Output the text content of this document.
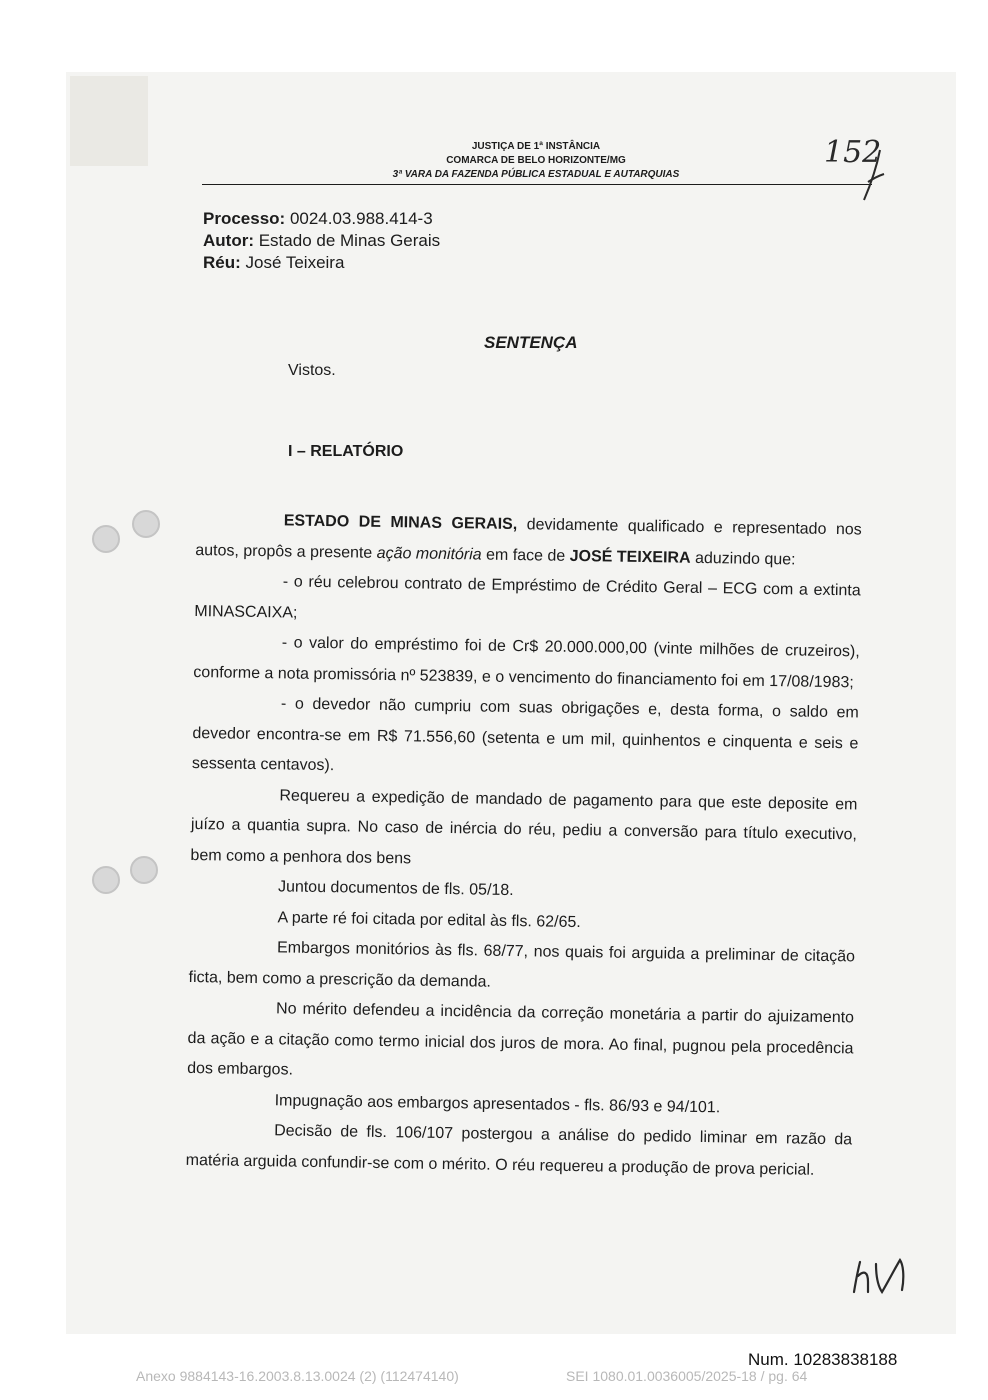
JUSTIÇA DE 1ª INSTÂNCIA
COMARCA DE BELO HORIZONTE/MG
3ª VARA DA FAZENDA PÚBLICA ESTADUAL E AUTARQUIAS
152
Processo: 0024.03.988.414-3
Autor: Estado de Minas Gerais
Réu: José Teixeira
SENTENÇA
Vistos.
I – RELATÓRIO

ESTADO DE MINAS GERAIS, devidamente qualificado e representado nos autos, propôs a presente ação monitória em face de JOSÉ TEIXEIRA aduzindo que:

- o réu celebrou contrato de Empréstimo de Crédito Geral – ECG com a extinta MINASCAIXA;

- o valor do empréstimo foi de Cr$ 20.000.000,00 (vinte milhões de cruzeiros), conforme a nota promissória nº 523839, e o vencimento do financiamento foi em 17/08/1983;

- o devedor não cumpriu com suas obrigações e, desta forma, o saldo em devedor encontra-se em R$ 71.556,60 (setenta e um mil, quinhentos e cinquenta e seis e sessenta centavos).

Requereu a expedição de mandado de pagamento para que este deposite em juízo a quantia supra. No caso de inércia do réu, pediu a conversão para título executivo, bem como a penhora dos bens

Juntou documentos de fls. 05/18.

A parte ré foi citada por edital às fls. 62/65.

Embargos monitórios às fls. 68/77, nos quais foi arguida a preliminar de citação ficta, bem como a prescrição da demanda.

No mérito defendeu a incidência da correção monetária a partir do ajuizamento da ação e a citação como termo inicial dos juros de mora. Ao final, pugnou pela procedência dos embargos.

Impugnação aos embargos apresentados - fls. 86/93 e 94/101.

Decisão de fls. 106/107 postergou a análise do pedido liminar em razão da matéria arguida confundir-se com o mérito. O réu requereu a produção de prova pericial.

Num. 10283838188
Anexo 9884143-16.2003.8.13.0024 (2) (112474140)	SEI 1080.01.0036005/2025-18 / pg. 64
